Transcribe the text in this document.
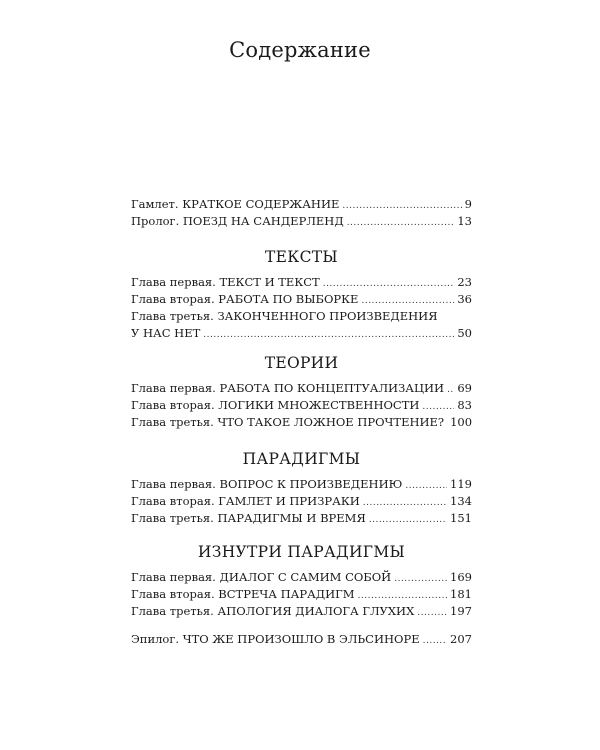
Содержание
Гамлет. КРАТКОЕ СОДЕРЖАНИЕ .....	9
Пролог. ПОЕЗД НА САНДЕРЛЕНД .....	13
ТЕКСТЫ
Глава первая. ТЕКСТ И ТЕКСТ .....	23
Глава вторая. РАБОТА ПО ВЫБОРКЕ .....	36
Глава третья. ЗАКОНЧЕННОГО ПРОИЗВЕДЕНИЯ
У НАС НЕТ .....	50
ТЕОРИИ
Глава первая. РАБОТА ПО КОНЦЕПТУАЛИЗАЦИИ ..... 69
Глава вторая. ЛОГИКИ МНОЖЕСТВЕННОСТИ .....	83
Глава третья. ЧТО ТАКОЕ ЛОЖНОЕ ПРОЧТЕНИЕ? 100
ПАРАДИГМЫ
Глава первая. ВОПРОС К ПРОИЗВЕДЕНИЮ .....	119
Глава вторая. ГАМЛЕТ И ПРИЗРАКИ .....	134
Глава третья. ПАРАДИГМЫ И ВРЕМЯ .....	151
ИЗНУТРИ ПАРАДИГМЫ
Глава первая. ДИАЛОГ С САМИМ СОБОЙ .....	169
Глава вторая. ВСТРЕЧА ПАРАДИГМ .....	181
Глава третья. АПОЛОГИЯ ДИАЛОГА ГЛУХИХ .....	197
Эпилог. ЧТО ЖЕ ПРОИЗОШЛО В ЭЛЬСИНОРЕ .....	207
